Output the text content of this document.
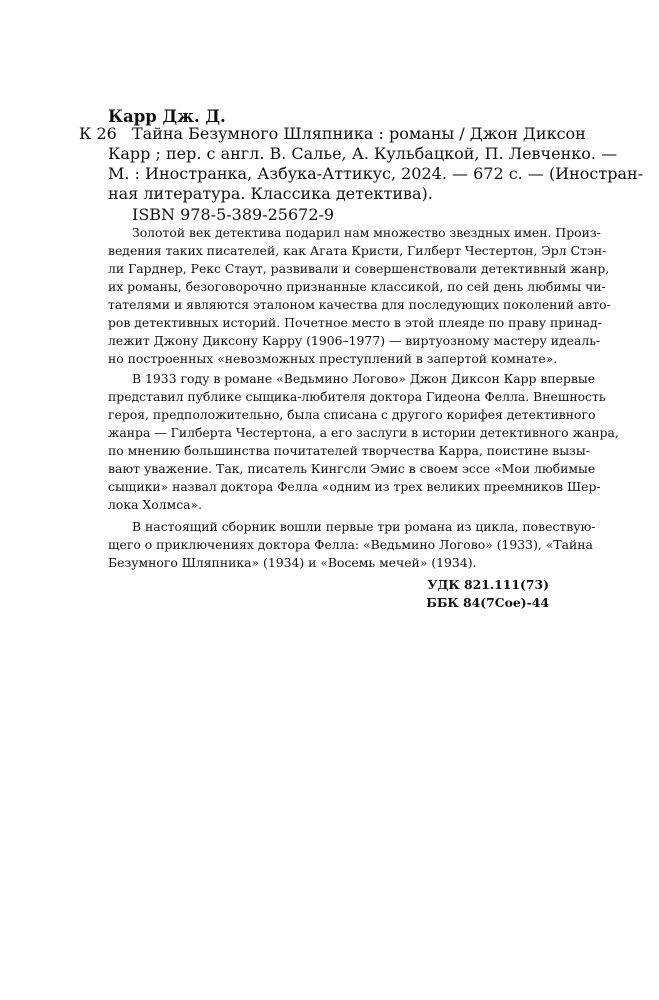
Карр Дж. Д.
К 26 Тайна Безумного Шляпника : романы / Джон Диксон
Карр ; пер. с англ. В. Салье, А. Кульбацкой, П. Левченко. —
М. : Иностранка, Азбука-Аттикус, 2024. — 672 с. — (Иностран-
ная литература. Классика детектива).
ISBN 978-5-389-25672-9
Золотой век детектива подарил нам множество звездных имен. Произ-
ведения таких писателей, как Агата Кристи, Гилберт Честертон, Эрл Стэн-
ли Гарднер, Рекс Стаут, развивали и совершенствовали детективный жанр,
их романы, безоговорочно признанные классикой, по сей день любимы чи-
тателями и являются эталоном качества для последующих поколений авто-
ров детективных историй. Почетное место в этой плеяде по праву принад-
лежит Джону Диксону Карру (1906–1977) — виртуозному мастеру идеаль-
но построенных «невозможных преступлений в запертой комнате».
В 1933 году в романе «Ведьмино Логово» Джон Диксон Карр впервые
представил публике сыщика-любителя доктора Гидеона Фелла. Внешность
героя, предположительно, была списана с другого корифея детективного
жанра — Гилберта Честертона, а его заслуги в истории детективного жанра,
по мнению большинства почитателей творчества Карра, поистине вызы-
вают уважение. Так, писатель Кингсли Эмис в своем эссе «Мои любимые
сыщики» назвал доктора Фелла «одним из трех великих преемников Шер-
лока Холмса».
В настоящий сборник вошли первые три романа из цикла, повествую-
щего о приключениях доктора Фелла: «Ведьмино Логово» (1933), «Тайна
Безумного Шляпника» (1934) и «Восемь мечей» (1934).
УДК 821.111(73)
ББК 84(7Сое)-44
